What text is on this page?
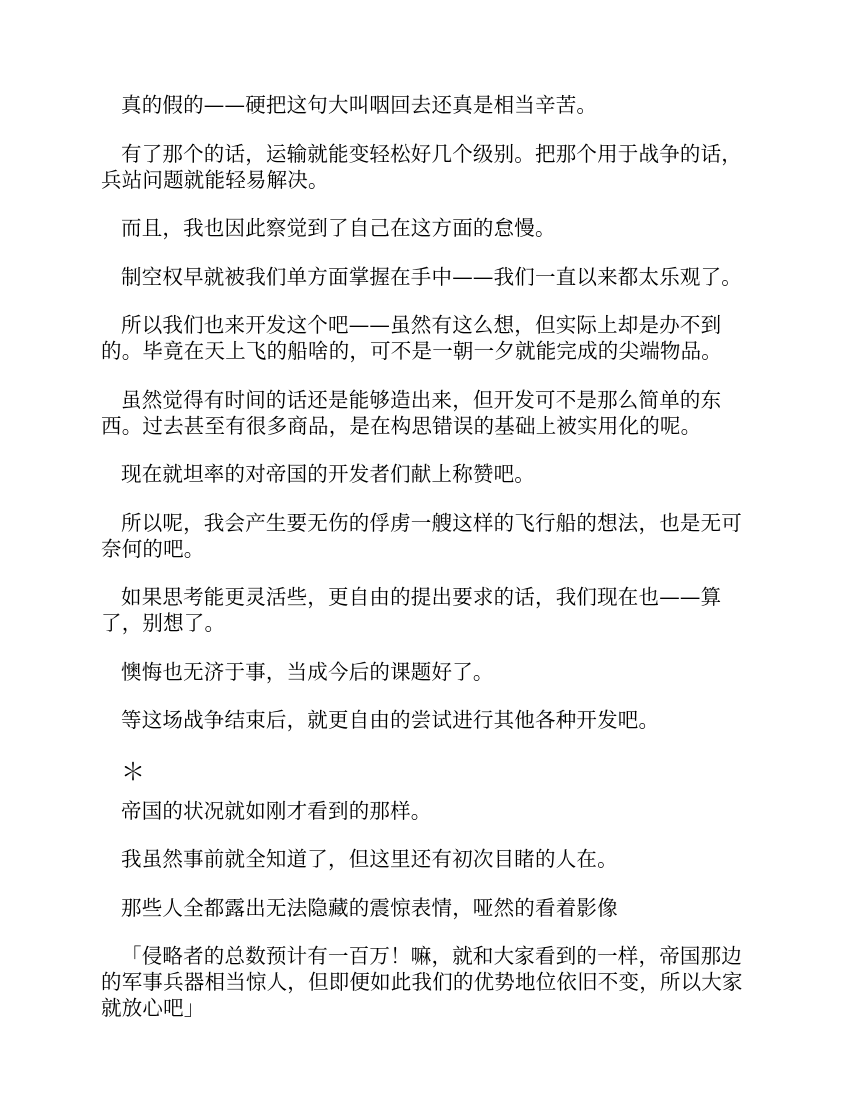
真的假的——硬把这句大叫咽回去还真是相当辛苦。

有了那个的话，运输就能变轻松好几个级别。把那个用于战争的话，兵站问题就能轻易解决。

而且，我也因此察觉到了自己在这方面的怠慢。

制空权早就被我们单方面掌握在手中——我们一直以来都太乐观了。

所以我们也来开发这个吧——虽然有这么想，但实际上却是办不到的。毕竟在天上飞的船啥的，可不是一朝一夕就能完成的尖端物品。

虽然觉得有时间的话还是能够造出来，但开发可不是那么简单的东西。过去甚至有很多商品，是在构思错误的基础上被实用化的呢。

现在就坦率的对帝国的开发者们献上称赞吧。

所以呢，我会产生要无伤的俘虏一艘这样的飞行船的想法，也是无可奈何的吧。

如果思考能更灵活些，更自由的提出要求的话，我们现在也——算了，别想了。

懊悔也无济于事，当成今后的课题好了。

等这场战争结束后，就更自由的尝试进行其他各种开发吧。

＊

帝国的状况就如刚才看到的那样。

我虽然事前就全知道了，但这里还有初次目睹的人在。

那些人全都露出无法隐藏的震惊表情，哑然的看着影像

「侵略者的总数预计有一百万！嘛，就和大家看到的一样，帝国那边的军事兵器相当惊人，但即便如此我们的优势地位依旧不变，所以大家就放心吧」
